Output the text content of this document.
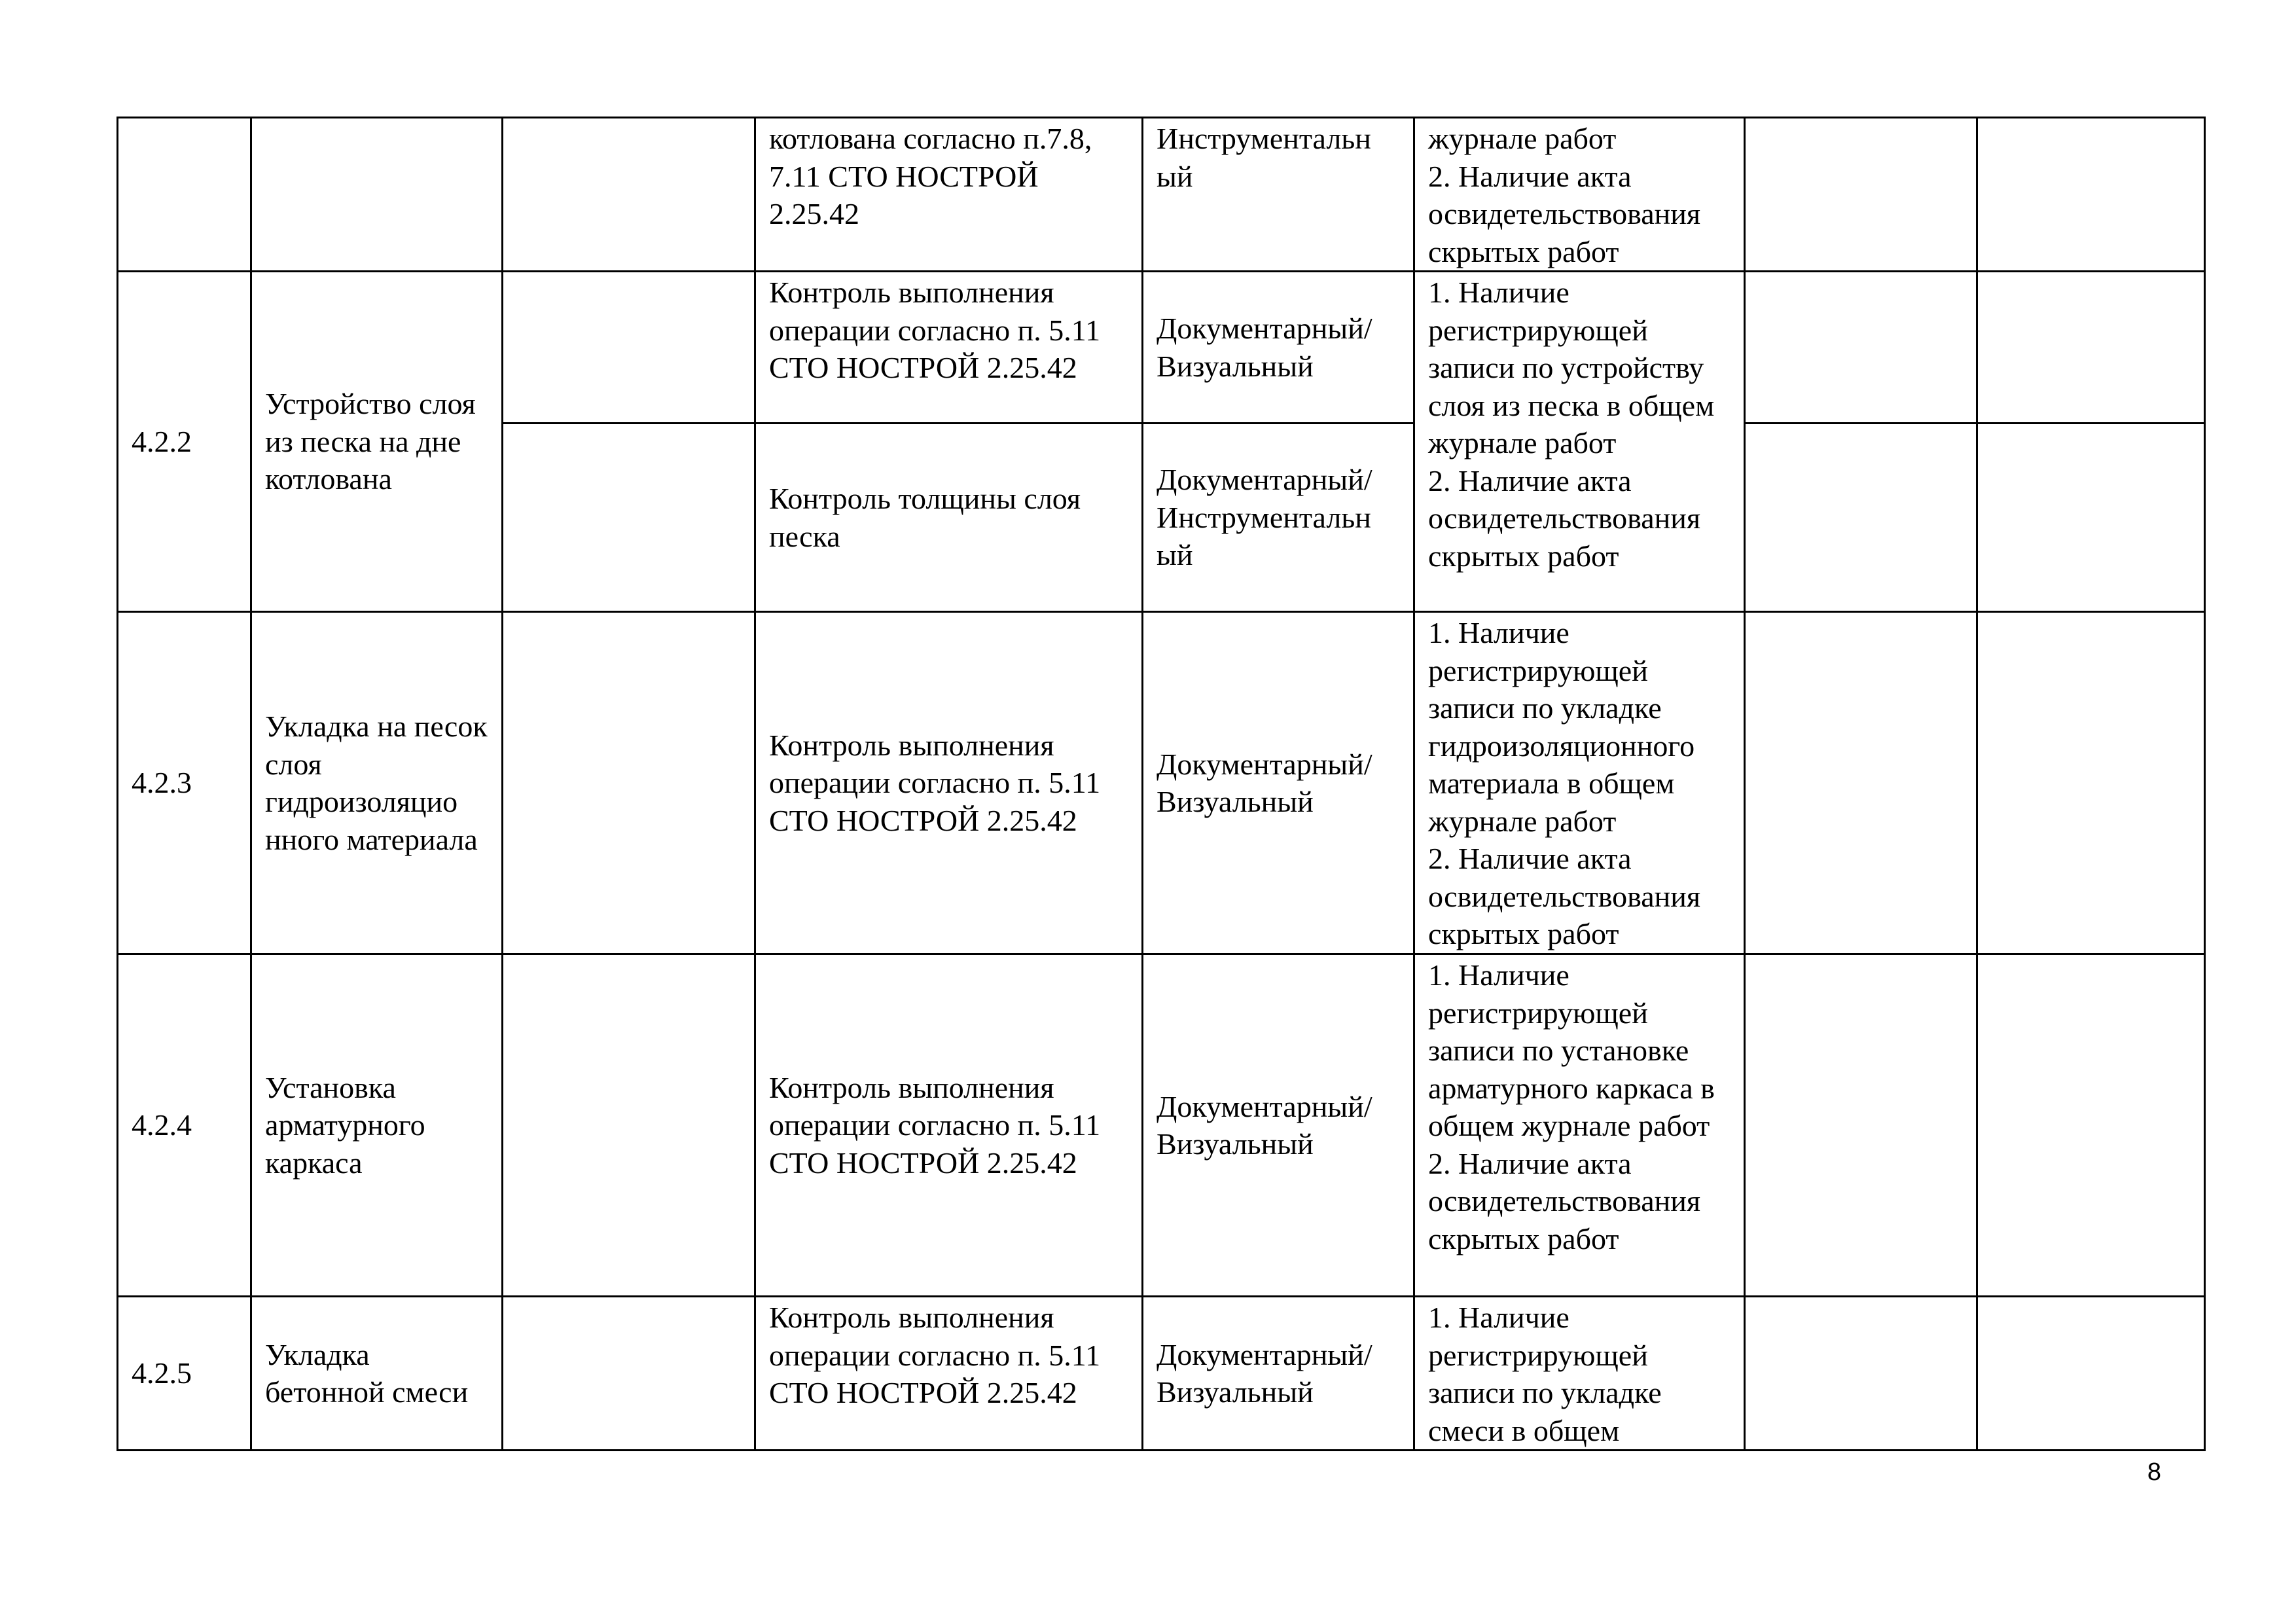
			котлована согласно п.7.8, 7.11 СТО НОСТРОЙ 2.25.42	Инструментальн ый	журнале работ
2. Наличие акта освидетельствования скрытых работ		
4.2.2	Устройство слоя из песка на дне котлована		Контроль выполнения операции согласно п. 5.11 СТО НОСТРОЙ 2.25.42	Документарный/ Визуальный	1. Наличие регистрирующей записи по устройству слоя из песка в общем журнале работ
2. Наличие акта освидетельствования скрытых работ		
			Контроль толщины слоя песка	Документарный/ Инструментальн ый			
4.2.3	Укладка на песок слоя гидроизоляцио нного материала		Контроль выполнения операции согласно п. 5.11 СТО НОСТРОЙ 2.25.42	Документарный/ Визуальный	1. Наличие регистрирующей записи по укладке гидроизоляционного материала в общем журнале работ
2. Наличие акта освидетельствования скрытых работ		
4.2.4	Установка арматурного каркаса		Контроль выполнения операции согласно п. 5.11 СТО НОСТРОЙ 2.25.42	Документарный/ Визуальный	1. Наличие регистрирующей записи по установке арматурного каркаса в общем журнале работ
2. Наличие акта освидетельствования скрытых работ		
4.2.5	Укладка бетонной смеси		Контроль выполнения операции согласно п. 5.11 СТО НОСТРОЙ 2.25.42	Документарный/ Визуальный	1. Наличие регистрирующей записи по укладке смеси в общем		
8
